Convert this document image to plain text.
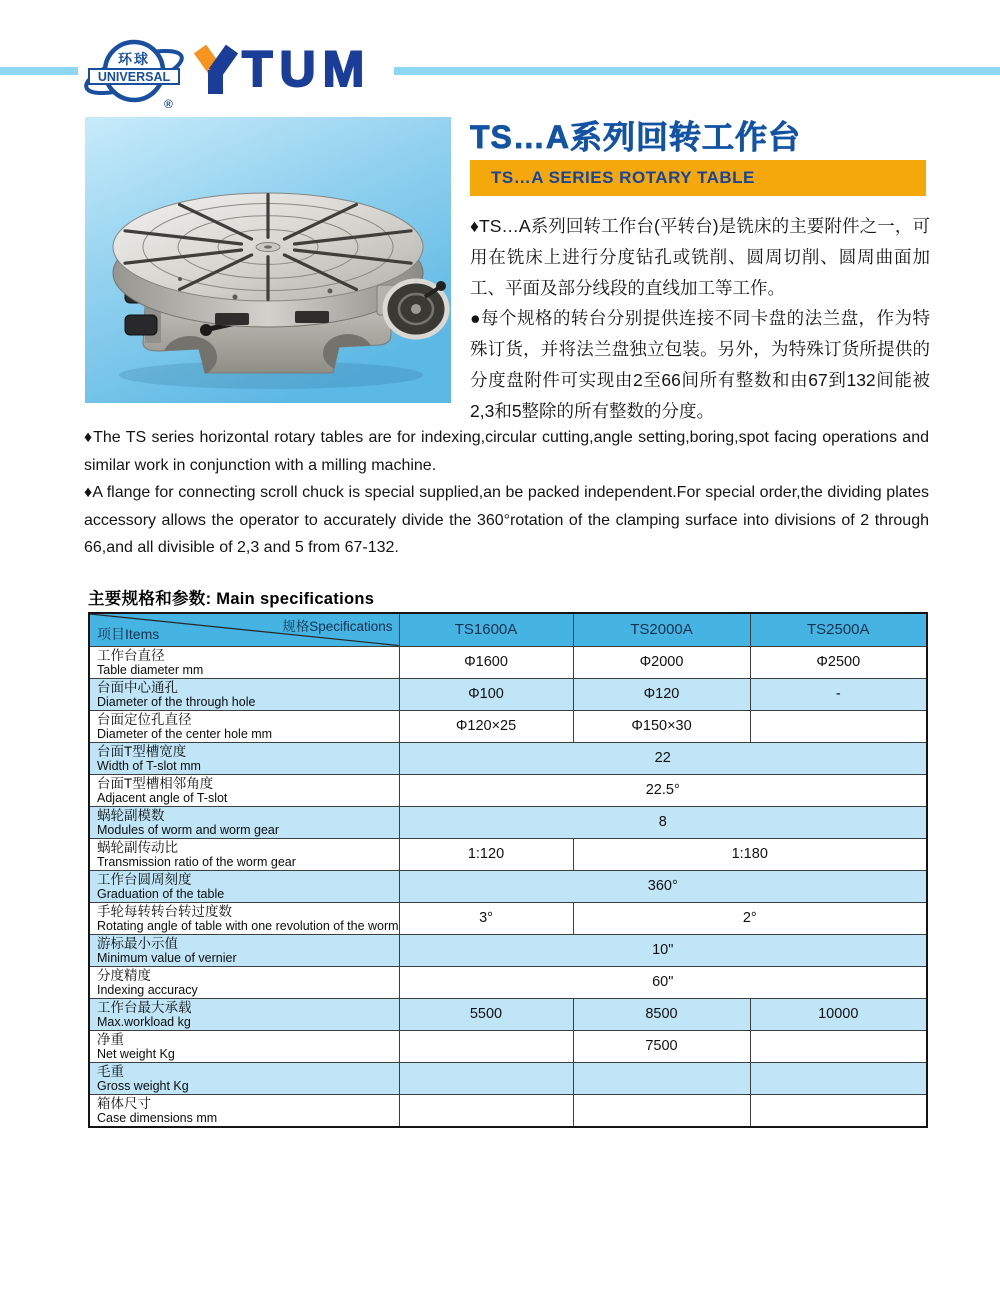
环球
UNIVERSAL
®
TUM
TS…A系列回转工作台
TS…A SERIES ROTARY TABLE

♦TS…A系列回转工作台(平转台)是铣床的主要附件之一，可用在铣床上进行分度钻孔或铣削、圆周切削、圆周曲面加工、平面及部分线段的直线加工等工作。

●每个规格的转台分别提供连接不同卡盘的法兰盘，作为特殊订货，并将法兰盘独立包装。另外，为特殊订货所提供的分度盘附件可实现由2至66间所有整数和由67到132间能被2,3和5整除的所有整数的分度。

♦The TS series horizontal rotary tables are for indexing,circular cutting,angle setting,boring,spot facing operations and similar work in conjunction with a milling machine.

♦A flange for connecting scroll chuck is special supplied,an be packed independent.For special order,the dividing plates accessory allows the operator to accurately divide the 360°rotation of the clamping surface into divisions of 2 through 66,and all divisible of 2,3 and 5 from 67-132.

主要规格和参数: Main specifications
规格Specifications
项目Items	TS1600A	TS2000A	TS2500A

工作台直径
Table diameter mm	Φ1600	Φ2000	Φ2500

台面中心通孔
Diameter of the through hole	Φ100	Φ120	-

台面定位孔直径
Diameter of the center hole mm	Φ120×25	Φ150×30	

台面T型槽宽度
Width of T-slot mm	22		

台面T型槽相邻角度
Adjacent angle of T-slot	22.5°		

蜗轮副模数
Modules of worm and worm gear	8		

蜗轮副传动比
Transmission ratio of the worm gear	1:120	1:180	

工作台圆周刻度
Graduation of the table	360°		

手轮每转转台转过度数
Rotating angle of table with one revolution of the worm	3°	2°	

游标最小示值
Minimum value of vernier	10"		

分度精度
Indexing accuracy	60"		

工作台最大承载
Max.workload kg	5500	8500	10000

净重
Net weight Kg		7500	

毛重
Gross weight Kg			

箱体尺寸
Case dimensions mm			
